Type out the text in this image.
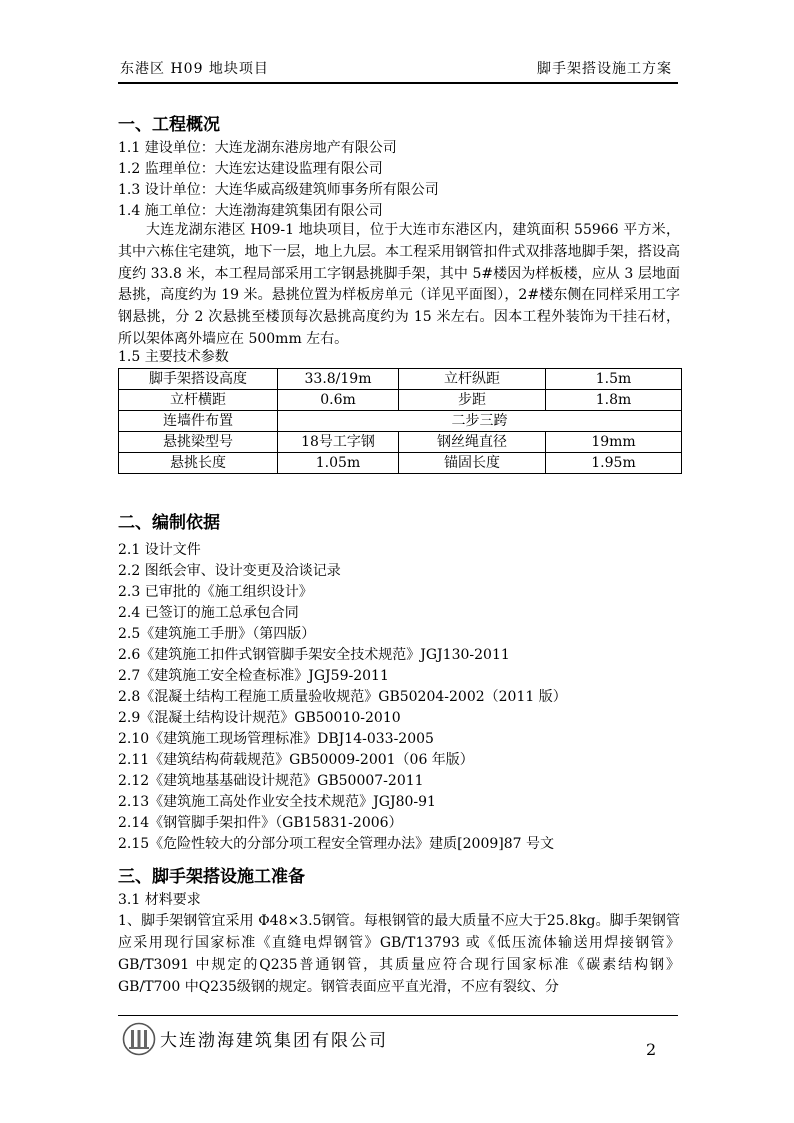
东港区 H09 地块项目	脚手架搭设施工方案
一、工程概况
1.1 建设单位：大连龙湖东港房地产有限公司
1.2 监理单位：大连宏达建设监理有限公司
1.3 设计单位：大连华威高级建筑师事务所有限公司
1.4 施工单位：大连渤海建筑集团有限公司
大连龙湖东港区 H09-1 地块项目，位于大连市东港区内，建筑面积 55966 平方米，其中六栋住宅建筑，地下一层，地上九层。本工程采用钢管扣件式双排落地脚手架，搭设高度约 33.8 米，本工程局部采用工字钢悬挑脚手架，其中 5#楼因为样板楼，应从 3 层地面悬挑，高度约为 19 米。悬挑位置为样板房单元（详见平面图），2#楼东侧在同样采用工字钢悬挑，分 2 次悬挑至楼顶每次悬挑高度约为 15 米左右。因本工程外装饰为干挂石材，所以架体离外墙应在 500mm 左右。
1.5 主要技术参数
脚手架搭设高度	33.8/19m	立杆纵距	1.5m
立杆横距	0.6m	步距	1.8m
连墙件布置	二步三跨		
悬挑梁型号	18号工字钢	钢丝绳直径	19mm
悬挑长度	1.05m	锚固长度	1.95m
二、编制依据
2.1 设计文件
2.2 图纸会审、设计变更及洽谈记录
2.3 已审批的《施工组织设计》
2.4 已签订的施工总承包合同
2.5《建筑施工手册》（第四版）
2.6《建筑施工扣件式钢管脚手架安全技术规范》JGJ130-2011
2.7《建筑施工安全检查标准》JGJ59-2011
2.8《混凝土结构工程施工质量验收规范》GB50204-2002（2011 版）
2.9《混凝土结构设计规范》GB50010-2010
2.10《建筑施工现场管理标准》DBJ14-033-2005
2.11《建筑结构荷载规范》GB50009-2001（06 年版）
2.12《建筑地基基础设计规范》GB50007-2011
2.13《建筑施工高处作业安全技术规范》JGJ80-91
2.14《钢管脚手架扣件》（GB15831-2006）
2.15《危险性较大的分部分项工程安全管理办法》建质[2009]87 号文
三、脚手架搭设施工准备
3.1 材料要求
1、脚手架钢管宜采用 Φ48×3.5钢管。每根钢管的最大质量不应大于25.8kg。脚手架钢管应采用现行国家标准《直缝电焊钢管》GB/T13793 或《低压流体输送用焊接钢管》GB/T3091 中规定的Q235普通钢管，其质量应符合现行国家标准《碳素结构钢》GB/T700 中Q235级钢的规定。钢管表面应平直光滑，不应有裂纹、分
大连渤海建筑集团有限公司	2
